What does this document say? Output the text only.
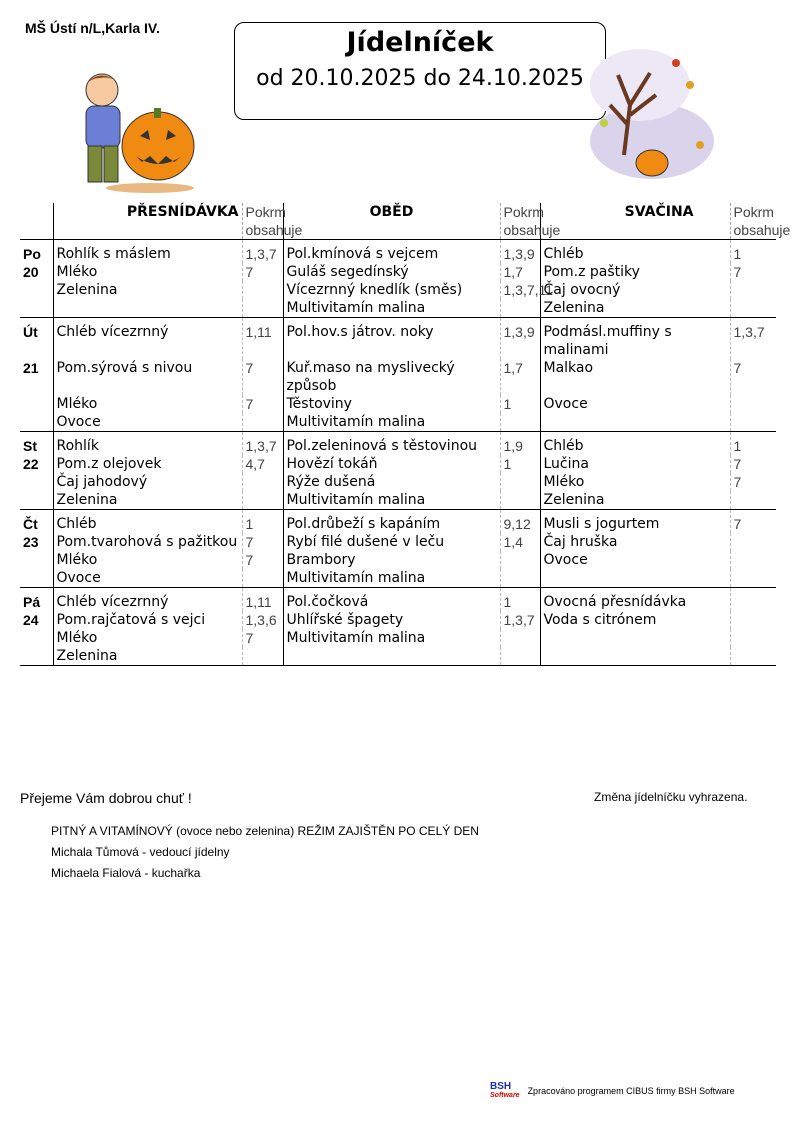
MŠ Ústí n/L,Karla IV.	Jídelníček
od 20.10.2025 do 24.10.2025
	PŘESNÍDÁVKA	Pokrm obsahuje	OBĚD	Pokrm obsahuje	SVAČINA	Pokrm obsahuje
Po	Rohlík s máslem	1,3,7	Pol.kmínová s vejcem	1,3,9	Chléb	1
20	Mléko	7	Guláš segedínský	1,7	Pom.z paštiky	7
	Zelenina		Vícezrnný knedlík (směs)	1,3,7,11	Čaj ovocný	
			Multivitamín malina		Zelenina	
Út	Chléb vícezrnný	1,11	Pol.hov.s játrov. noky	1,3,9	Podmásl.muffiny s malinami	1,3,7
21	Pom.sýrová s nivou	7	Kuř.maso na myslivecký způsob	1,7	Malkao	7
	Mléko	7	Těstoviny	1	Ovoce	
	Ovoce		Multivitamín malina			
St	Rohlík	1,3,7	Pol.zeleninová s těstovinou	1,9	Chléb	1
22	Pom.z olejovek	4,7	Hovězí tokáň	1	Lučina	7
	Čaj jahodový		Rýže dušená		Mléko	7
	Zelenina		Multivitamín malina		Zelenina	
Čt	Chléb	1	Pol.drůbeží s kapáním	9,12	Musli s jogurtem	7
23	Pom.tvarohová s pažitkou	7	Rybí filé dušené v leču	1,4	Čaj hruška	
	Mléko	7	Brambory		Ovoce	
	Ovoce		Multivitamín malina			
Pá	Chléb vícezrnný	1,11	Pol.čočková	1	Ovocná přesnídávka	
24	Pom.rajčatová s vejci	1,3,6	Uhlířské špagety	1,3,7	Voda s citrónem	
	Mléko	7	Multivitamín malina			
	Zelenina					
Přejeme Vám dobrou chuť !	Změna jídelníčku vyhrazena.
PITNÝ A VITAMÍNOVÝ (ovoce nebo zelenina) REŽIM ZAJIŠTĚN PO CELÝ DEN
Michala Tůmová - vedoucí jídelny
Michaela Fialová - kuchařka
BSH
Software Zpracováno programem CIBUS firmy BSH Software
